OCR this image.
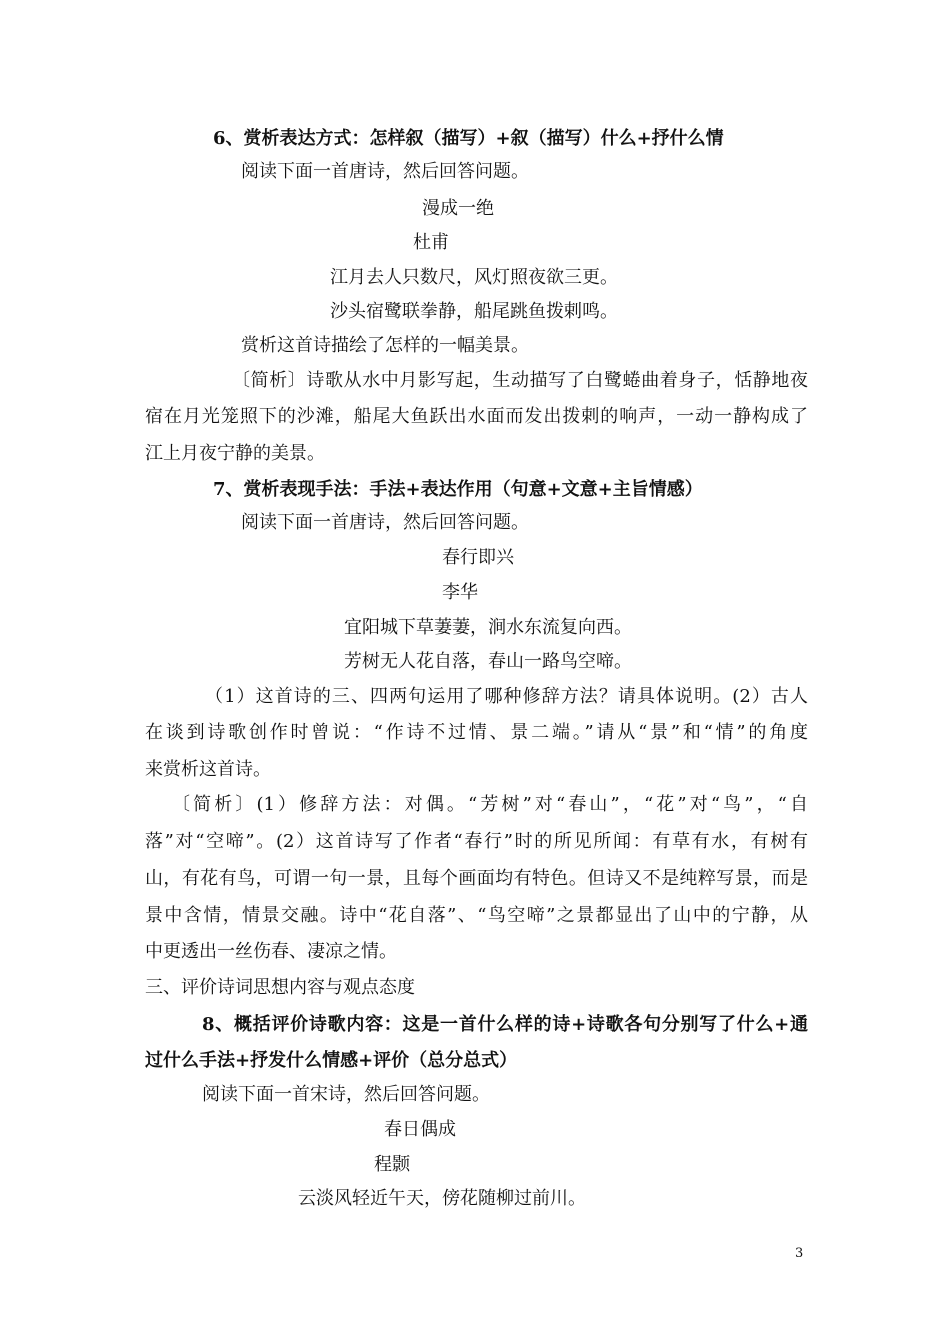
6、赏析表达方式：怎样叙（描写）+叙（描写）什么+抒什么情
阅读下面一首唐诗，然后回答问题。
漫成一绝
杜甫
江月去人只数尺，风灯照夜欲三更。
沙头宿鹭联拳静，船尾跳鱼拨剌鸣。
赏析这首诗描绘了怎样的一幅美景。
〔简析〕诗歌从水中月影写起，生动描写了白鹭蜷曲着身子，恬静地夜
宿在月光笼照下的沙滩，船尾大鱼跃出水面而发出拨剌的响声，一动一静构成了
江上月夜宁静的美景。
7、赏析表现手法：手法+表达作用（句意+文意+主旨情感）
阅读下面一首唐诗，然后回答问题。
春行即兴
李华
宜阳城下草萋萋，涧水东流复向西。
芳树无人花自落，春山一路鸟空啼。
（1）这首诗的三、四两句运用了哪种修辞方法？请具体说明。(2）古人
在谈到诗歌创作时曾说：“作诗不过情、景二端。”请从“景”和“情”的角度
来赏析这首诗。
〔简析〕(1）修辞方法：对偶。“芳树”对“春山”，“花”对“鸟”，“自
落”对“空啼”。(2）这首诗写了作者“春行”时的所见所闻：有草有水，有树有
山，有花有鸟，可谓一句一景，且每个画面均有特色。但诗又不是纯粹写景，而是
景中含情，情景交融。诗中“花自落”、“鸟空啼”之景都显出了山中的宁静，从
中更透出一丝伤春、凄凉之情。
三、评价诗词思想内容与观点态度
8、概括评价诗歌内容：这是一首什么样的诗+诗歌各句分别写了什么+通
过什么手法+抒发什么情感+评价（总分总式）
阅读下面一首宋诗，然后回答问题。
春日偶成
程颢
云淡风轻近午天，傍花随柳过前川。
3
